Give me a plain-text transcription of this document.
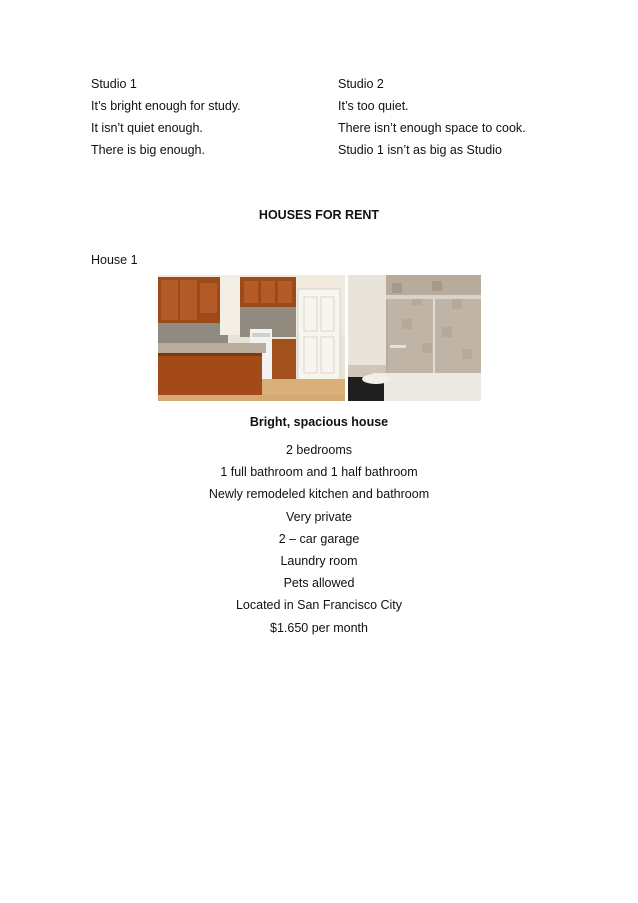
Studio 1
It’s bright enough for study.
It isn’t quiet enough.
There is big enough.
Studio 2
It’s too quiet.
There isn’t enough space to cook.
Studio 1 isn’t as big as Studio
HOUSES FOR RENT
House 1
Bright, spacious house
2 bedrooms
1 full bathroom and 1 half bathroom
Newly remodeled kitchen and bathroom
Very private
2 – car garage
Laundry room
Pets allowed
Located in San Francisco City
$1.650 per month
